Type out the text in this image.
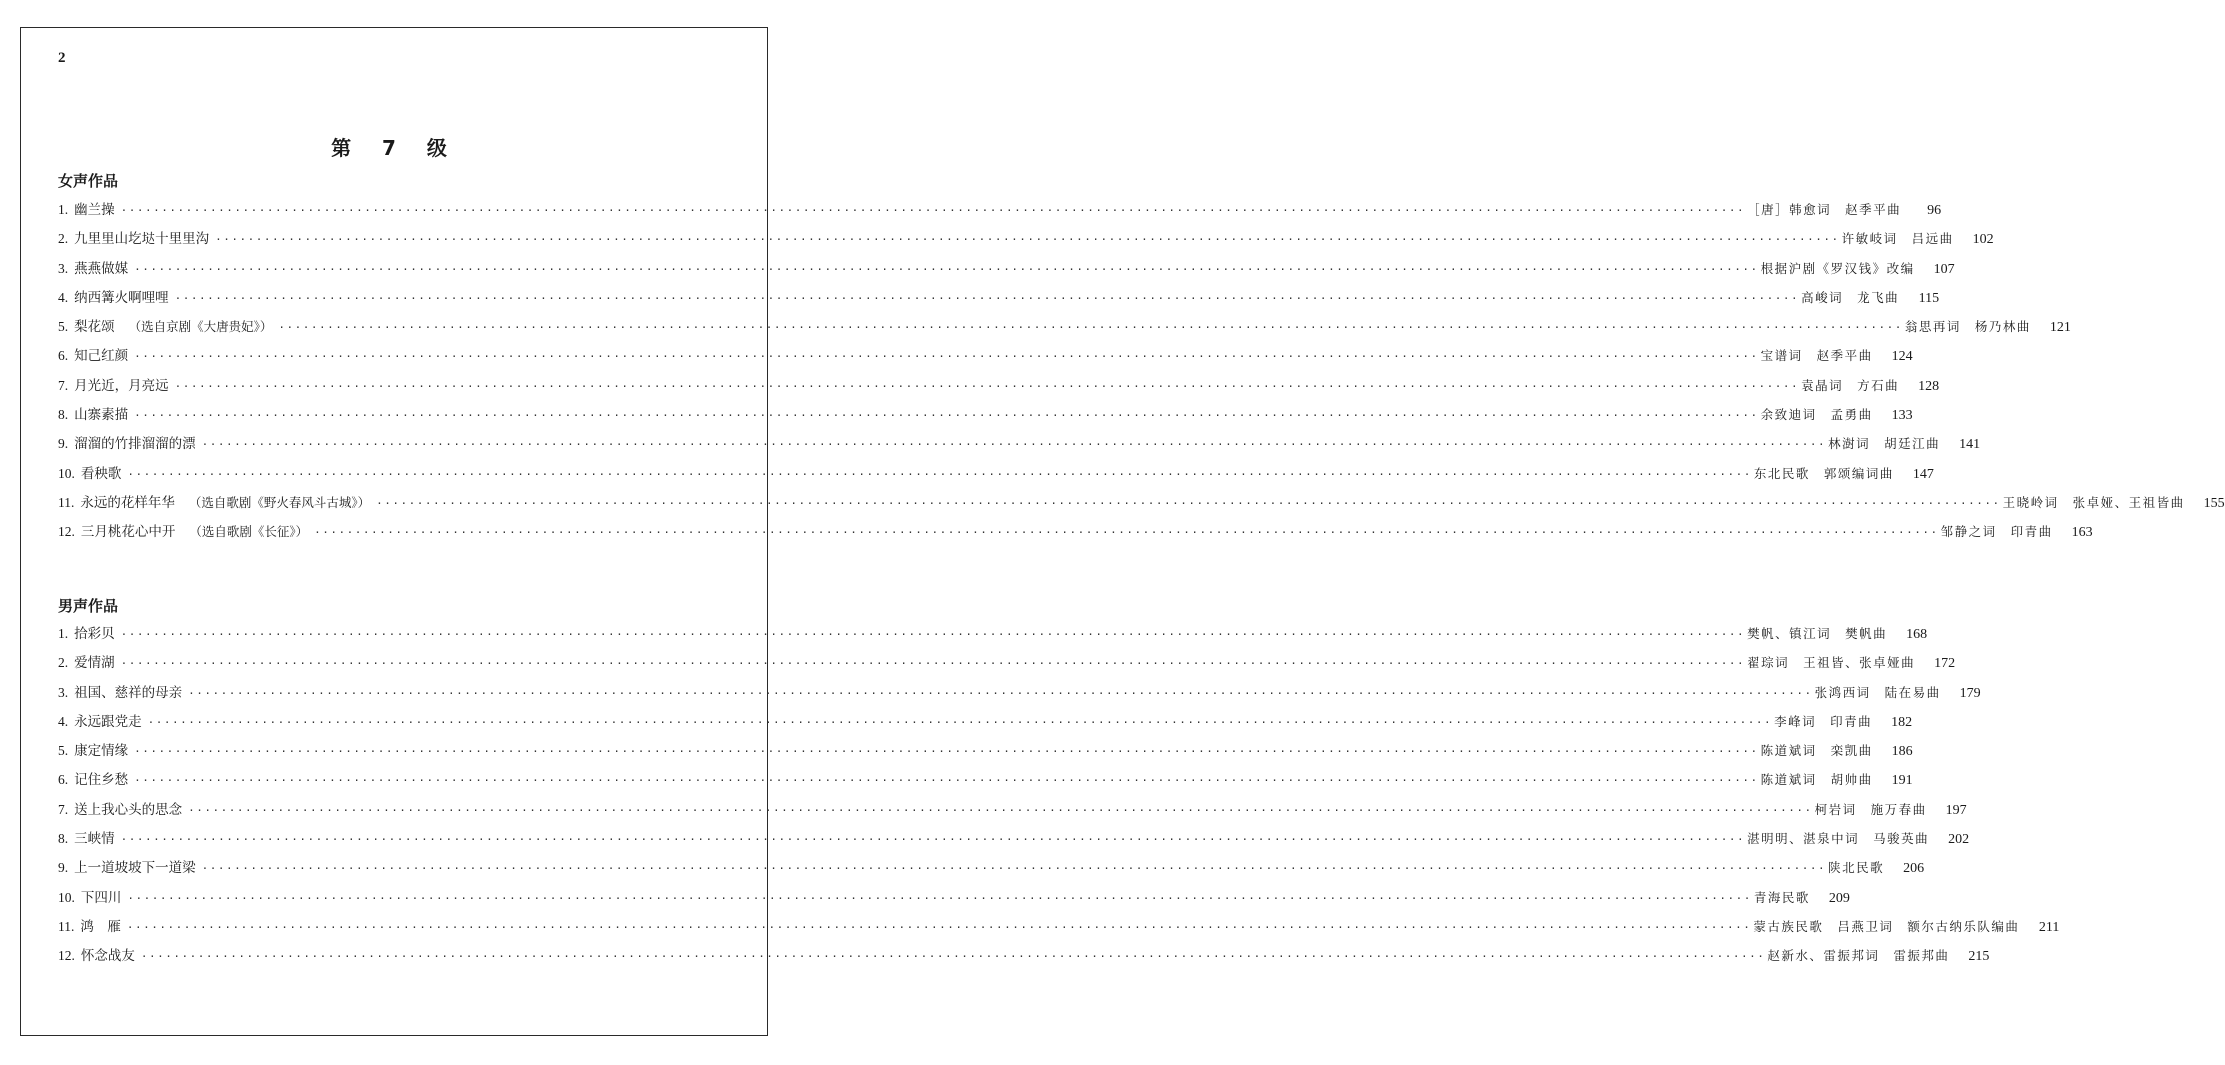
2
第 7 级
女声作品
1. 幽兰操 ········································································································································································································ ［唐］韩愈词　赵季平曲	96
2. 九里里山圪垯十里里沟 ········································································································································································································ 许敏岐词　吕远曲	102
3. 燕燕做媒 ········································································································································································································ 根据沪剧《罗汉钱》改编	107
4. 纳西篝火啊哩哩 ········································································································································································································ 高峻词　龙飞曲	115
5. 梨花颂 （选自京剧《大唐贵妃》） ········································································································································································································ 翁思再词　杨乃林曲	121
6. 知己红颜 ········································································································································································································ 宝谱词　赵季平曲	124
7. 月光近，月亮远 ········································································································································································································ 袁晶词　方石曲	128
8. 山寨素描 ········································································································································································································ 余致迪词　孟勇曲	133
9. 溜溜的竹排溜溜的漂 ········································································································································································································ 林澍词　胡廷江曲	141
10. 看秧歌 ········································································································································································································ 东北民歌　郭颂编词曲	147
11. 永远的花样年华 （选自歌剧《野火春风斗古城》） ········································································································································································································ 王晓岭词　张卓娅、王祖皆曲	155
12. 三月桃花心中开 （选自歌剧《长征》） ········································································································································································································ 邹静之词　印青曲	163
男声作品
1. 拾彩贝 ········································································································································································································ 樊帆、镇江词　樊帆曲	168
2. 爱情湖 ········································································································································································································ 翟琮词　王祖皆、张卓娅曲	172
3. 祖国、慈祥的母亲 ········································································································································································································ 张鸿西词　陆在易曲	179
4. 永远跟党走 ········································································································································································································ 李峰词　印青曲	182
5. 康定情缘 ········································································································································································································ 陈道斌词　栾凯曲	186
6. 记住乡愁 ········································································································································································································ 陈道斌词　胡帅曲	191
7. 送上我心头的思念 ········································································································································································································ 柯岩词　施万春曲	197
8. 三峡情 ········································································································································································································ 湛明明、湛泉中词　马骏英曲	202
9. 上一道坡坡下一道梁 ········································································································································································································ 陕北民歌	206
10. 下四川 ········································································································································································································ 青海民歌	209
11. 鸿　雁 ········································································································································································································ 蒙古族民歌　吕燕卫词　额尔古纳乐队编曲	211
12. 怀念战友 ········································································································································································································ 赵新水、雷振邦词　雷振邦曲	215
